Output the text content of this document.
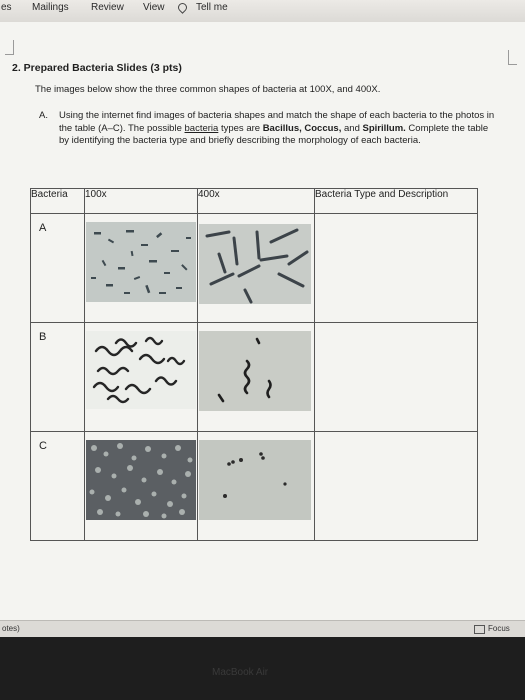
es Mailings Review View	Tell me
2. Prepared Bacteria Slides (3 pts)
The images below show the three common shapes of bacteria at 100X, and 400X.
A. Using the internet find images of bacteria shapes and match the shape of each bacteria to the photos in the table (A–C). The possible bacteria types are Bacillus, Coccus, and Spirillum. Complete the table by identifying the bacteria type and briefly describing the morphology of each bacteria.
Bacteria	100x	400x	Bacteria Type and Description

A

B

C

otes)	Focus
MacBook Air
